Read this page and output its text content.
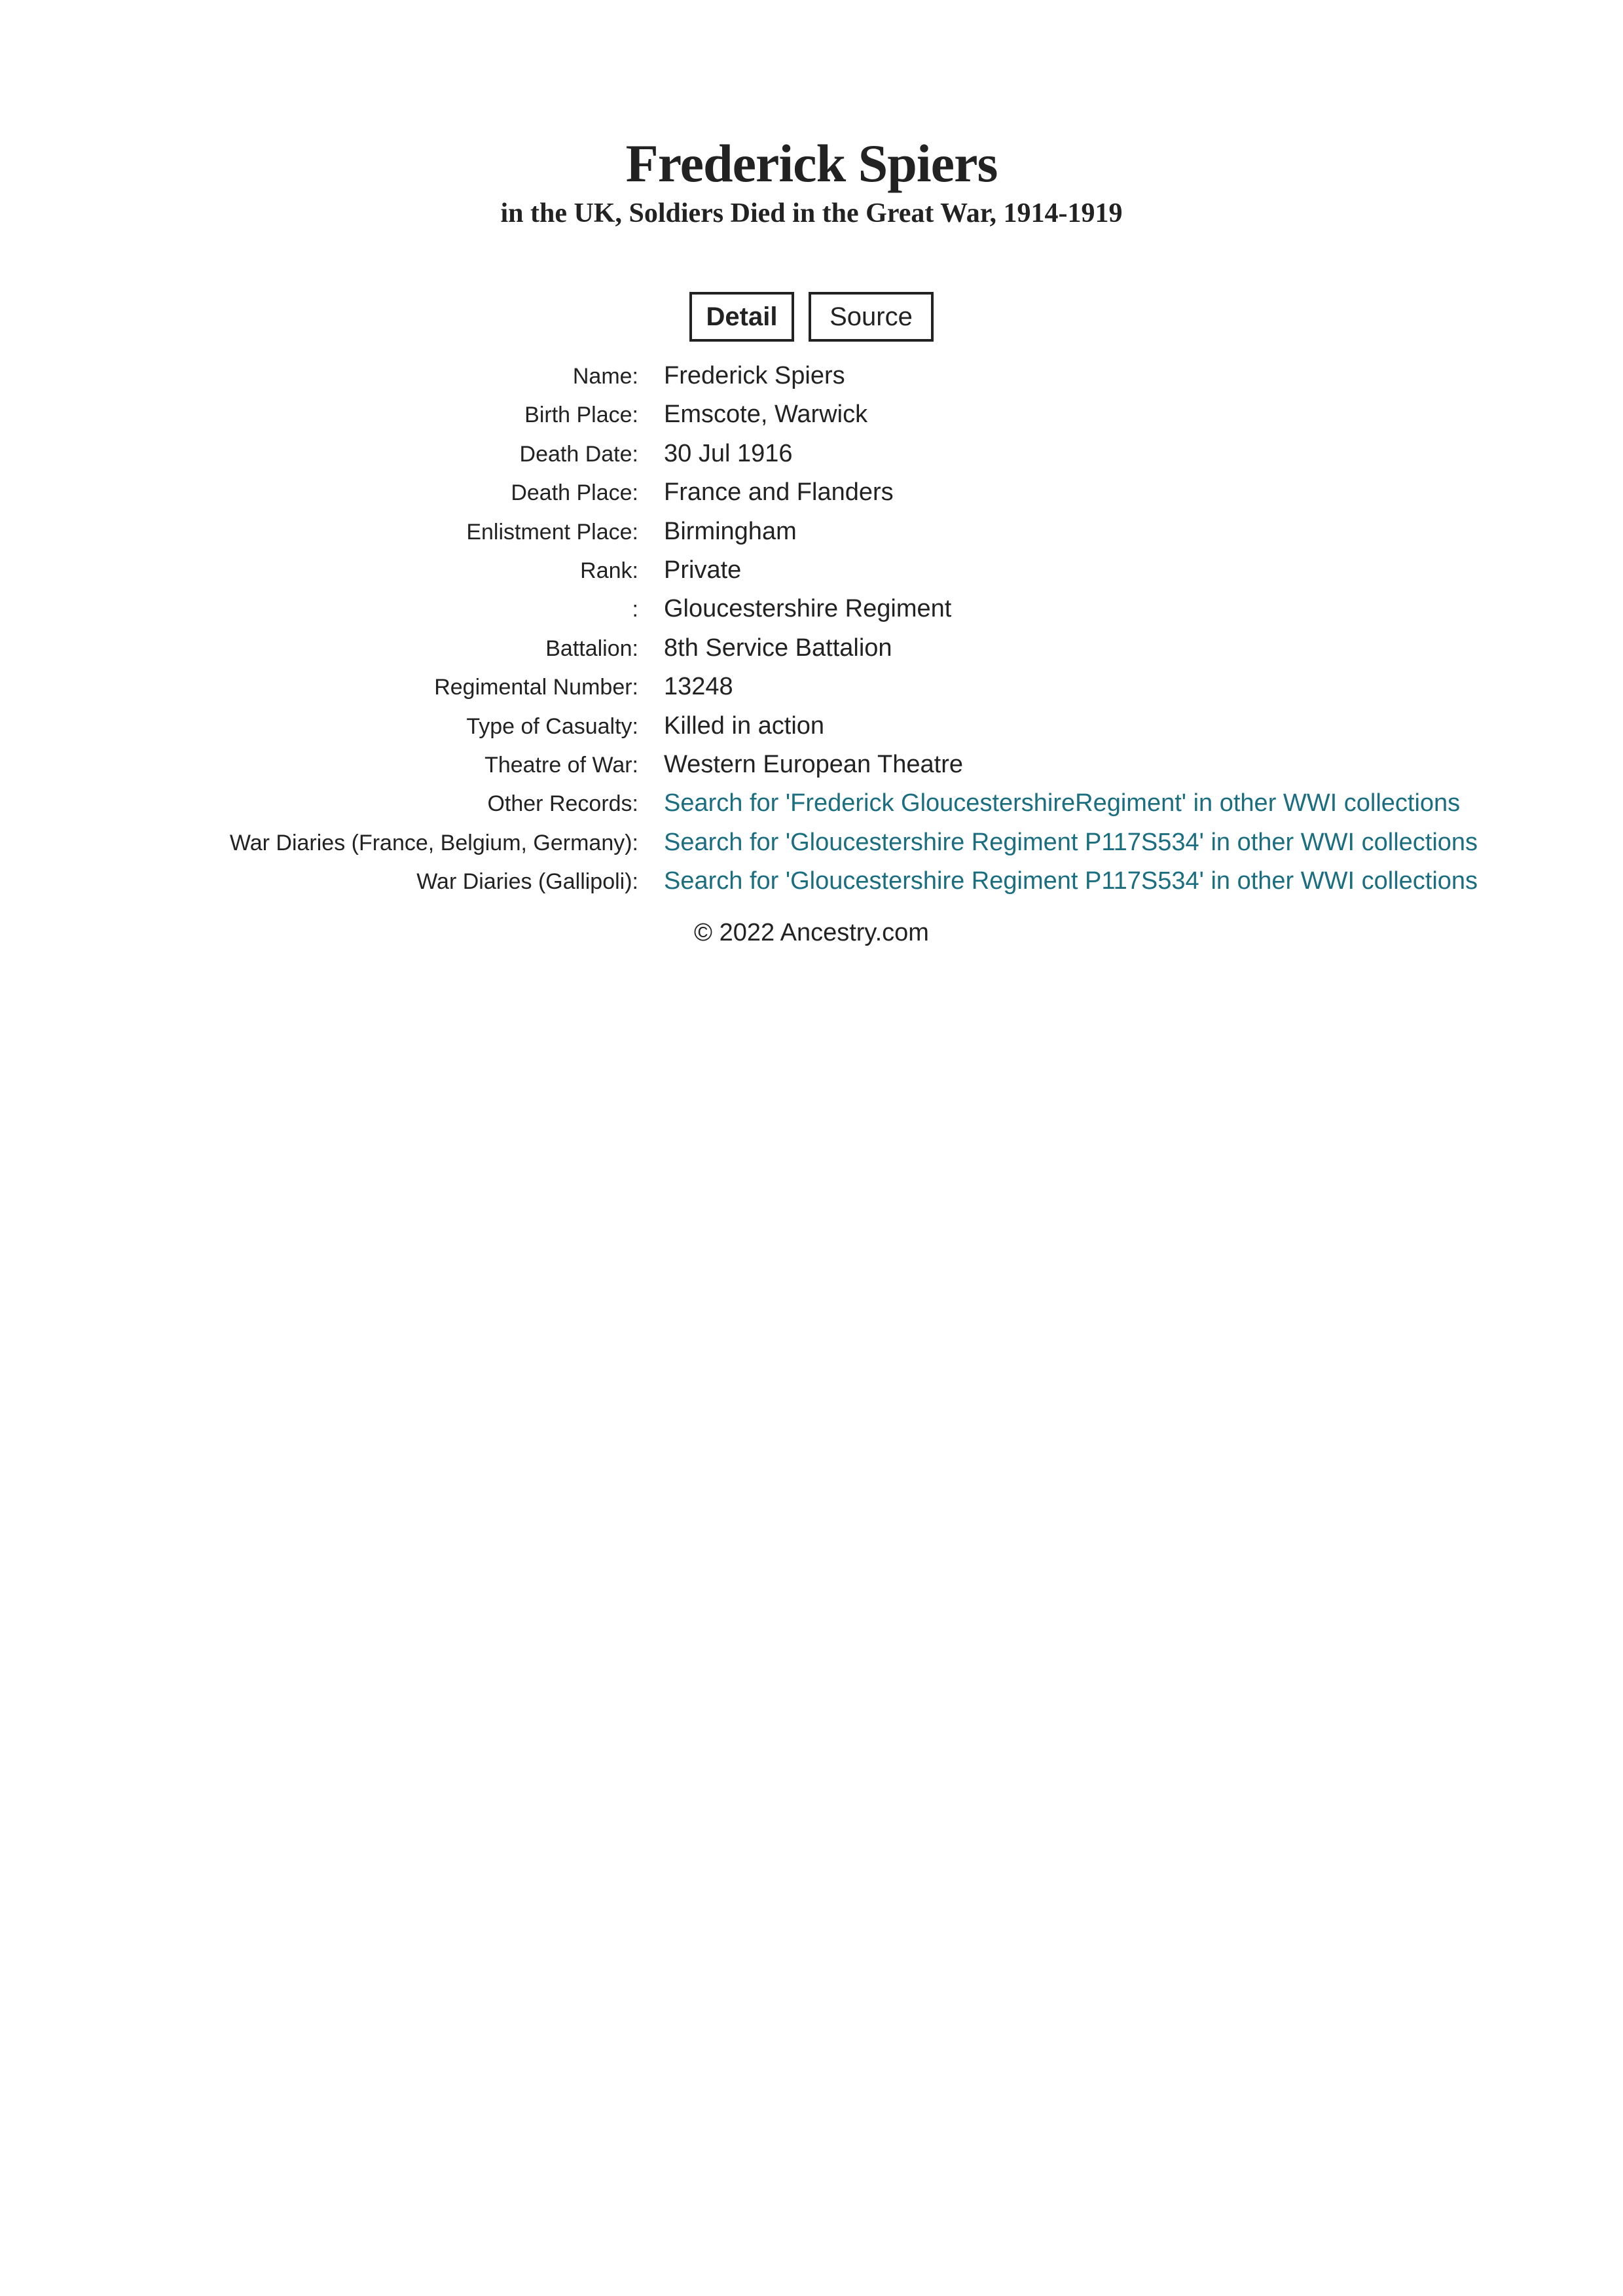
Frederick Spiers
in the UK, Soldiers Died in the Great War, 1914-1919
Detail	Source
Name: Frederick Spiers
Birth Place: Emscote, Warwick
Death Date: 30 Jul 1916
Death Place: France and Flanders
Enlistment Place: Birmingham
Rank: Private
: Gloucestershire Regiment
Battalion: 8th Service Battalion
Regimental Number: 13248
Type of Casualty: Killed in action
Theatre of War: Western European Theatre
Other Records: Search for 'Frederick GloucestershireRegiment' in other WWI collections
War Diaries (France, Belgium, Germany): Search for 'Gloucestershire Regiment P117S534' in other WWI collections
War Diaries (Gallipoli): Search for 'Gloucestershire Regiment P117S534' in other WWI collections
© 2022 Ancestry.com
